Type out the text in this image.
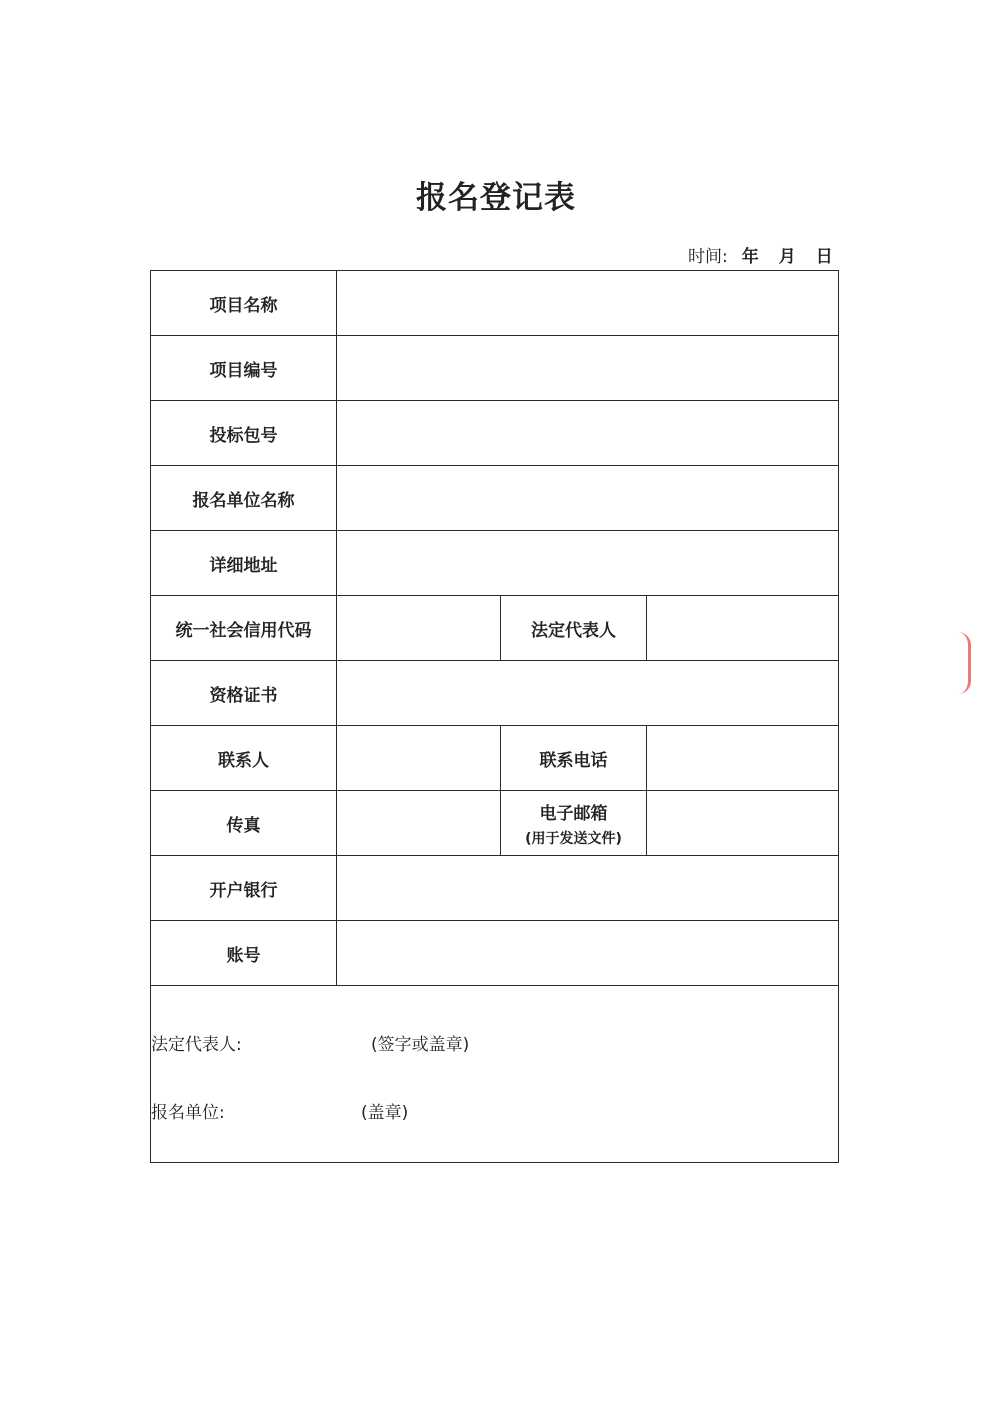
报名登记表
时间: 年 月 日
项目名称			
项目编号			
投标包号			
报名单位名称			
详细地址			
统一社会信用代码		法定代表人	
资格证书			
联系人		联系电话	
传真		电子邮箱
(用于发送文件)	

开户银行			
账号			

法定代表人: (签字或盖章)
报名单位: (盖章)			
